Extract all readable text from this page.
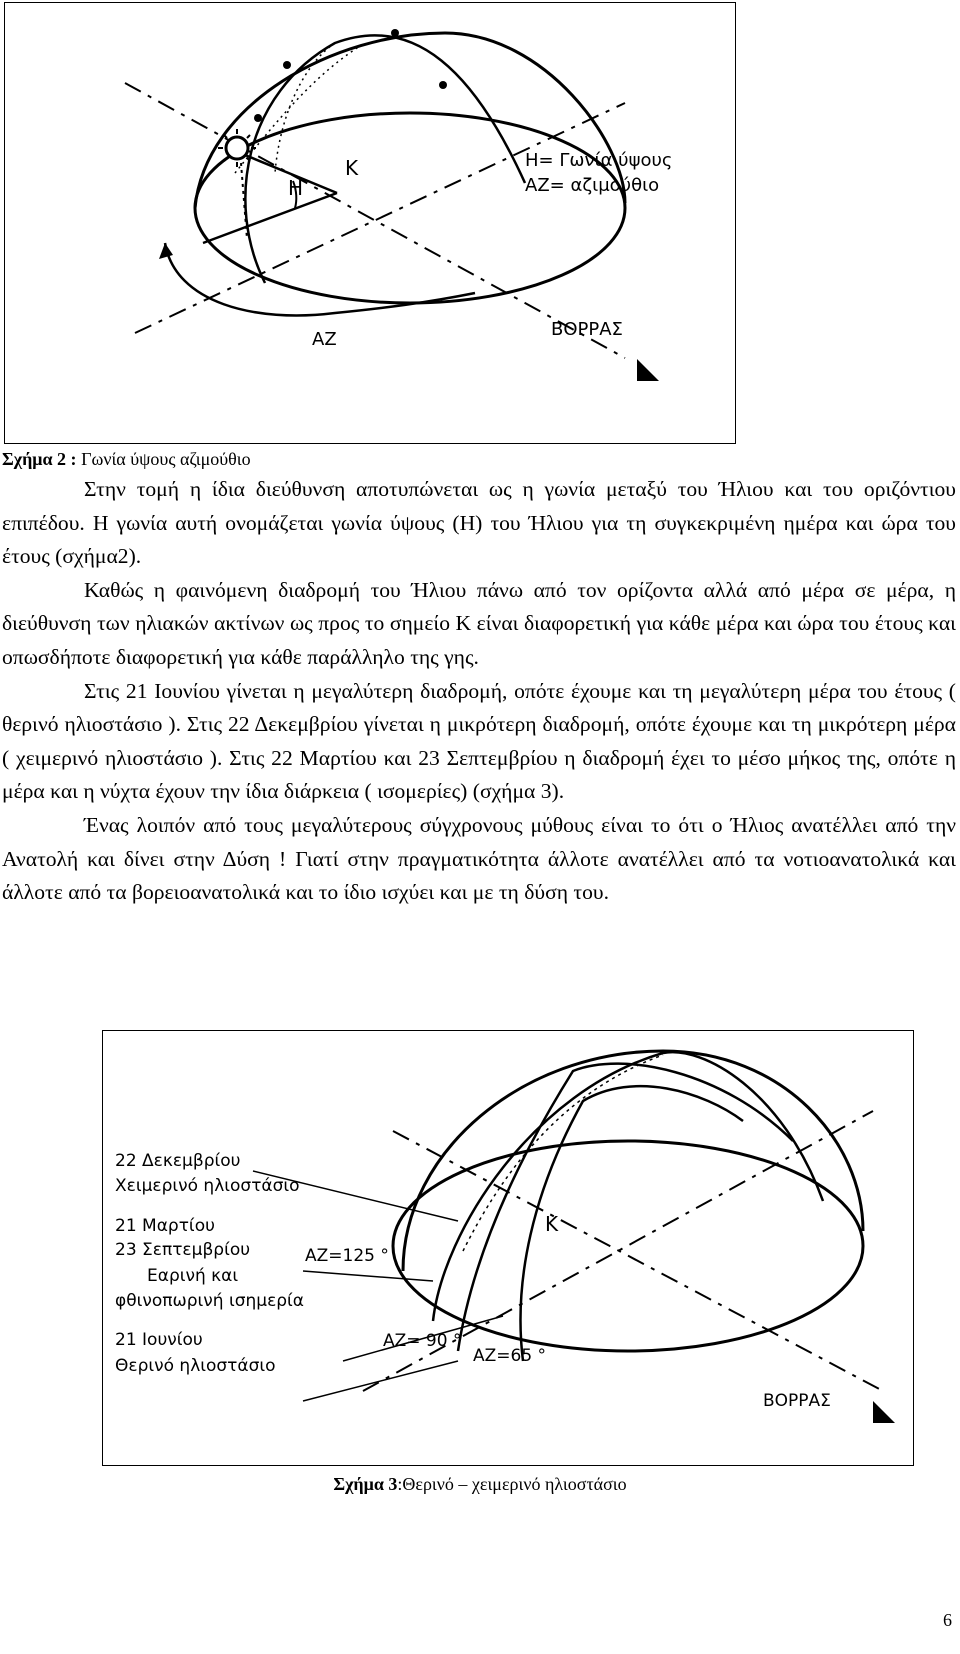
Η
Κ	Η= Γωνία ύψους
ΑΖ= αζιμούθιο
ΑΖ	ΒΟΡΡΑΣ
Σχήμα 2 : Γωνία ύψους αζιμούθιο

Στην τομή η ίδια διεύθυνση αποτυπώνεται ως η γωνία μεταξύ του Ήλιου και του οριζόντιου επιπέδου. Η γωνία αυτή ονομάζεται γωνία ύψους (Η) του Ήλιου για τη συγκεκριμένη ημέρα και ώρα του έτους (σχήμα2).

Καθώς η φαινόμενη διαδρομή του Ήλιου πάνω από τον ορίζοντα αλλά από μέρα σε μέρα, η διεύθυνση των ηλιακών ακτίνων ως προς το σημείο Κ είναι διαφορετική για κάθε μέρα και ώρα του έτους και οπωσδήποτε διαφορετική για κάθε παράλληλο της γης.

Στις 21 Ιουνίου γίνεται η μεγαλύτερη διαδρομή, οπότε έχουμε και τη μεγαλύτερη μέρα του έτους ( θερινό ηλιοστάσιο ). Στις 22 Δεκεμβρίου γίνεται η μικρότερη διαδρομή, οπότε έχουμε και τη μικρότερη μέρα ( χειμερινό ηλιοστάσιο ). Στις 22 Μαρτίου και 23 Σεπτεμβρίου η διαδρομή έχει το μέσο μήκος της, οπότε η μέρα και η νύχτα έχουν την ίδια διάρκεια ( ισομερίες) (σχήμα 3).

Ένας λοιπόν από τους μεγαλύτερους σύγχρονους μύθους είναι το ότι ο Ήλιος ανατέλλει από την Ανατολή και δίνει στην Δύση ! Γιατί στην πραγματικότητα άλλοτε ανατέλλει από τα νοτιοανατολικά και άλλοτε από τα βορειοανατολικά και το ίδιο ισχύει και με τη δύση του.

22 Δεκεμβρίου
Χειμερινό ηλιοστάσιο
21 Μαρτίου
23 Σεπτεμβρίου
Εαρινή και
φθινοπωρινή ισημερία
21 Ιουνίου
Θερινό ηλιοστάσιο
Κ
ΑΖ=125 °
ΑΖ= 90 °
ΑΖ=65 °
ΒΟΡΡΑΣ
Σχήμα 3:Θερινό – χειμερινό ηλιοστάσιο
6
